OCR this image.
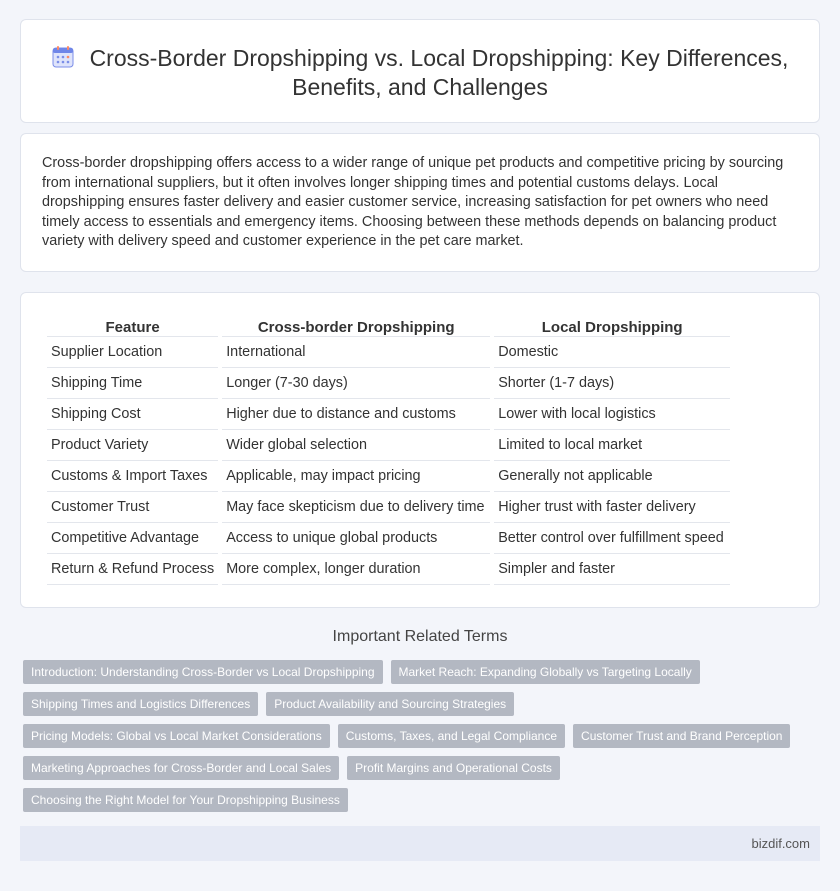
Cross-Border Dropshipping vs. Local Dropshipping: Key Differences, Benefits, and Challenges

Cross-border dropshipping offers access to a wider range of unique pet products and competitive pricing by sourcing from international suppliers, but it often involves longer shipping times and potential customs delays. Local dropshipping ensures faster delivery and easier customer service, increasing satisfaction for pet owners who need timely access to essentials and emergency items. Choosing between these methods depends on balancing product variety with delivery speed and customer experience in the pet care market.

Feature	Cross-border Dropshipping	Local Dropshipping
Supplier Location	International	Domestic
Shipping Time	Longer (7-30 days)	Shorter (1-7 days)
Shipping Cost	Higher due to distance and customs	Lower with local logistics
Product Variety	Wider global selection	Limited to local market
Customs & Import Taxes	Applicable, may impact pricing	Generally not applicable
Customer Trust	May face skepticism due to delivery time	Higher trust with faster delivery
Competitive Advantage	Access to unique global products	Better control over fulfillment speed
Return & Refund Process	More complex, longer duration	Simpler and faster
Important Related Terms
Introduction: Understanding Cross-Border vs Local Dropshipping	Market Reach: Expanding Globally vs Targeting Locally
Shipping Times and Logistics Differences	Product Availability and Sourcing Strategies
Pricing Models: Global vs Local Market Considerations	Customs, Taxes, and Legal Compliance	Customer Trust and Brand Perception
Marketing Approaches for Cross-Border and Local Sales	Profit Margins and Operational Costs
Choosing the Right Model for Your Dropshipping Business
bizdif.com
